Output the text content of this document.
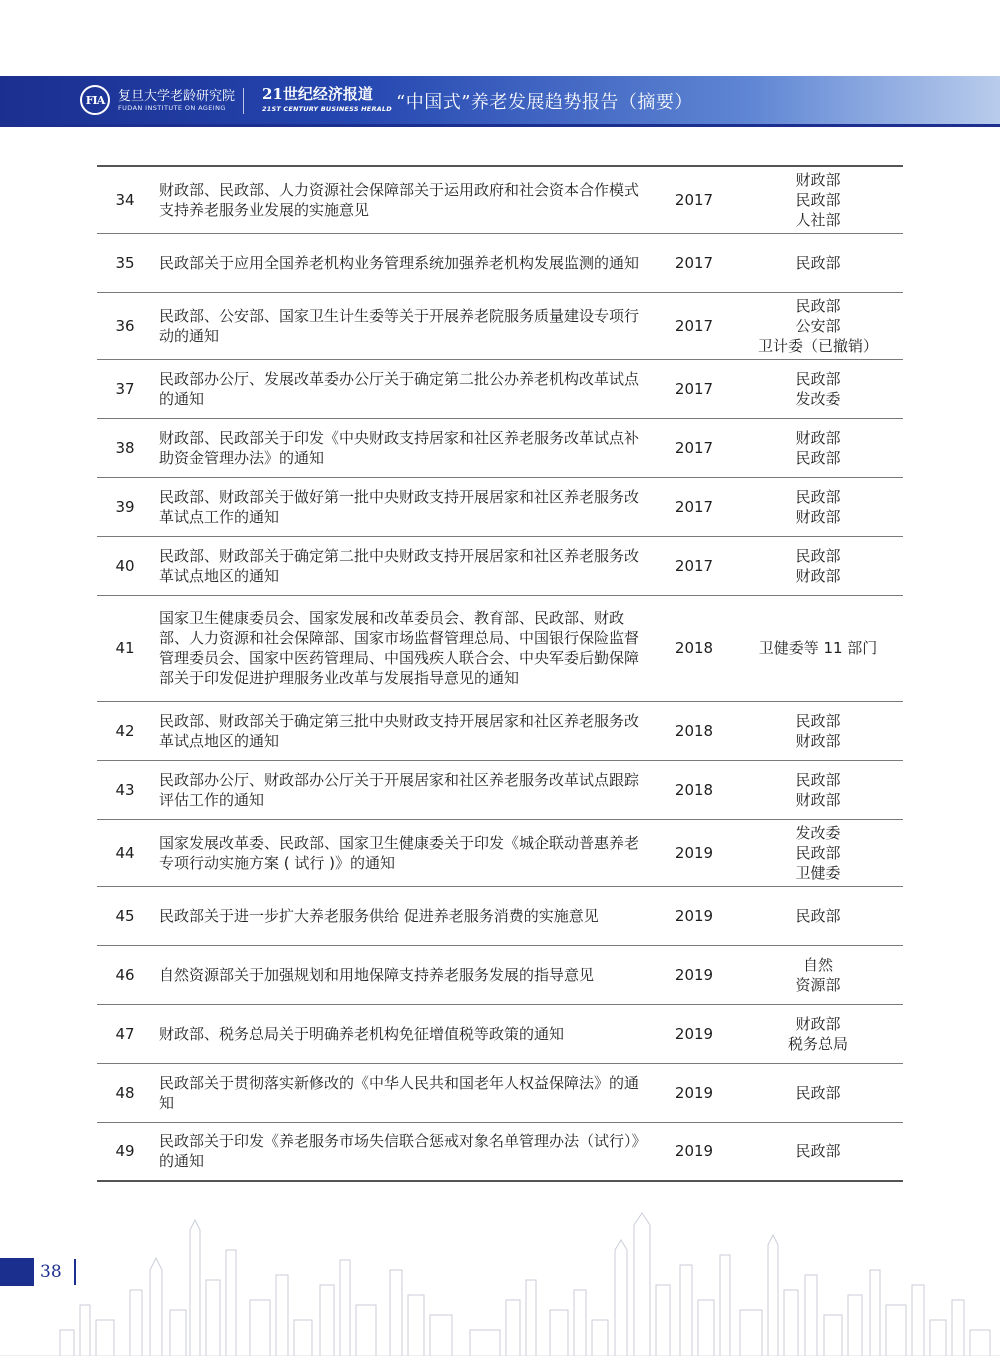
FIA 复旦大学老龄研究院
FUDAN INSTITUTE ON AGEING
21世纪经济报道
21ST CENTURY BUSINESS HERALD “中国式”养老发展趋势报告（摘要）
34	财政部、民政部、人力资源社会保障部关于运用政府和社会资本合作模式支持养老服务业发展的实施意见	2017	财政部
民政部
人社部

35	民政部关于应用全国养老机构业务管理系统加强养老机构发展监测的通知	2017	民政部

36	民政部、公安部、国家卫生计生委等关于开展养老院服务质量建设专项行动的通知	2017	民政部
公安部
卫计委（已撤销）

37	民政部办公厅、发展改革委办公厅关于确定第二批公办养老机构改革试点的通知	2017	民政部
发改委

38	财政部、民政部关于印发《中央财政支持居家和社区养老服务改革试点补助资金管理办法》的通知	2017	财政部
民政部

39	民政部、财政部关于做好第一批中央财政支持开展居家和社区养老服务改革试点工作的通知	2017	民政部
财政部

40	民政部、财政部关于确定第二批中央财政支持开展居家和社区养老服务改革试点地区的通知	2017	民政部
财政部

41	国家卫生健康委员会、国家发展和改革委员会、教育部、民政部、财政部、人力资源和社会保障部、国家市场监督管理总局、中国银行保险监督管理委员会、国家中医药管理局、中国残疾人联合会、中央军委后勤保障部关于印发促进护理服务业改革与发展指导意见的通知	2018	卫健委等 11 部门

42	民政部、财政部关于确定第三批中央财政支持开展居家和社区养老服务改革试点地区的通知	2018	民政部
财政部

43	民政部办公厅、财政部办公厅关于开展居家和社区养老服务改革试点跟踪评估工作的通知	2018	民政部
财政部

44	国家发展改革委、民政部、国家卫生健康委关于印发《城企联动普惠养老专项行动实施方案 ( 试行 )》的通知	2019	发改委
民政部
卫健委

45	民政部关于进一步扩大养老服务供给 促进养老服务消费的实施意见	2019	民政部

46	自然资源部关于加强规划和用地保障支持养老服务发展的指导意见	2019	自然
资源部

47	财政部、税务总局关于明确养老机构免征增值税等政策的通知	2019	财政部
税务总局

48	民政部关于贯彻落实新修改的《中华人民共和国老年人权益保障法》的通知	2019	民政部

49	民政部关于印发《养老服务市场失信联合惩戒对象名单管理办法（试行）》的通知	2019	民政部
38
